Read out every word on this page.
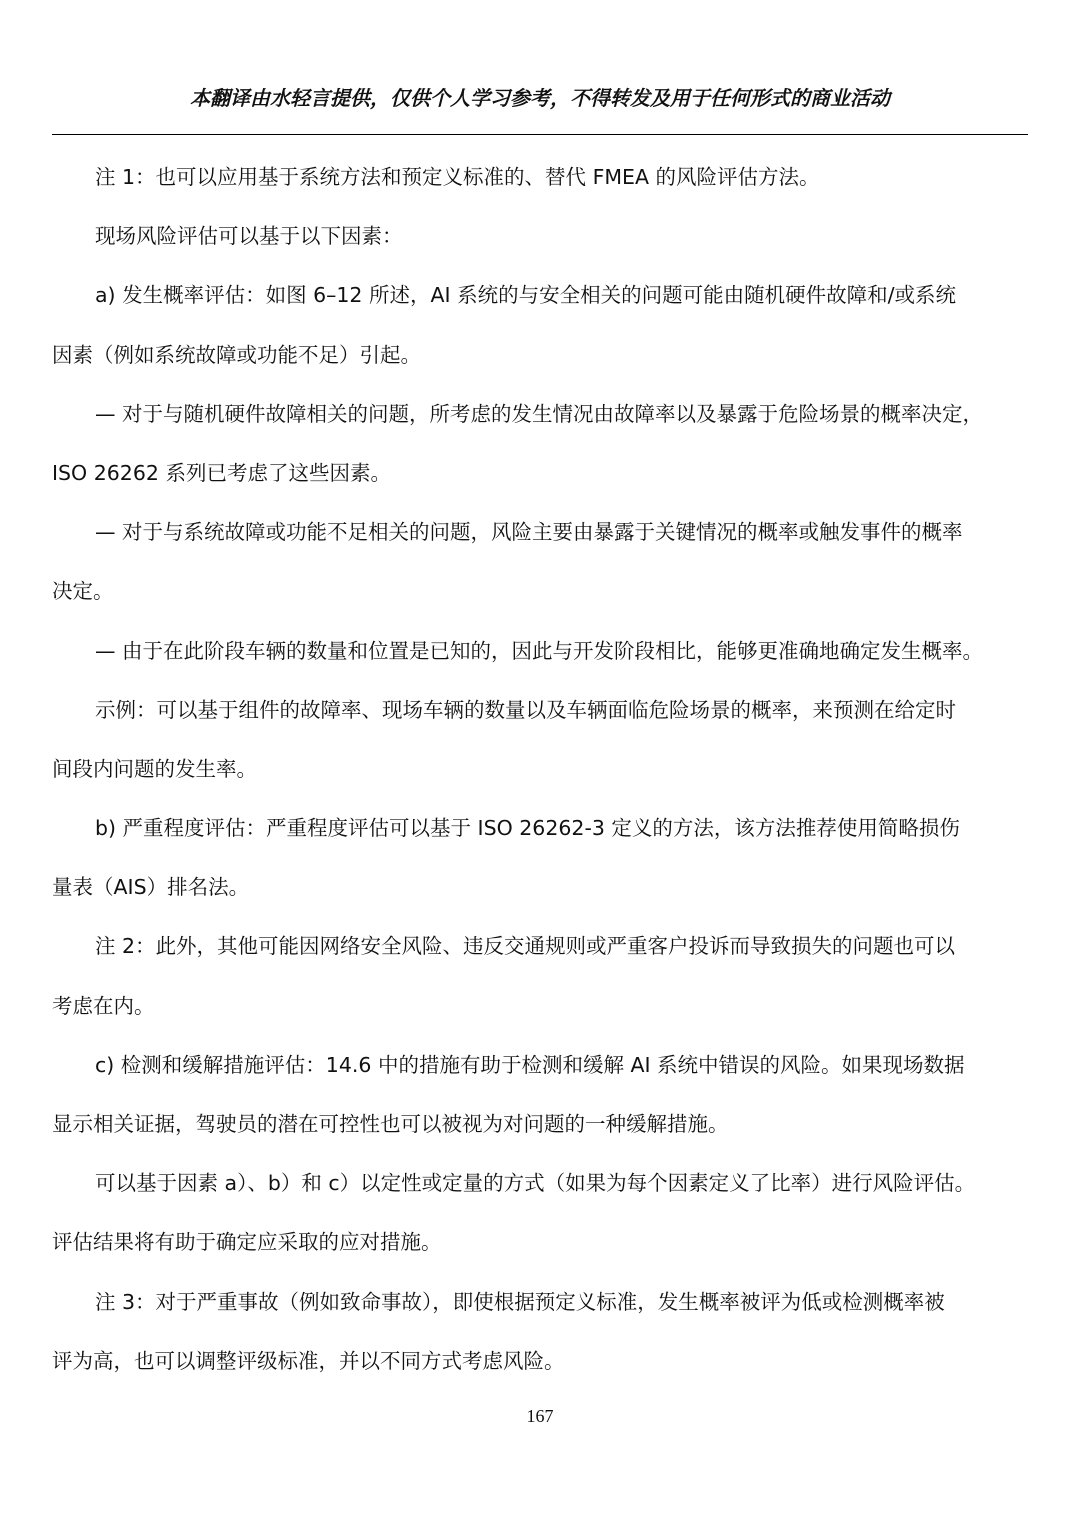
本翻译由水轻言提供，仅供个人学习参考，不得转发及用于任何形式的商业活动
注 1：也可以应用基于系统方法和预定义标准的、替代 FMEA 的风险评估方法。
现场风险评估可以基于以下因素：
a) 发生概率评估：如图 6–12 所述，AI 系统的与安全相关的问题可能由随机硬件故障和/或系统
因素（例如系统故障或功能不足）引起。
— 对于与随机硬件故障相关的问题，所考虑的发生情况由故障率以及暴露于危险场景的概率决定，
ISO 26262 系列已考虑了这些因素。
— 对于与系统故障或功能不足相关的问题，风险主要由暴露于关键情况的概率或触发事件的概率
决定。
— 由于在此阶段车辆的数量和位置是已知的，因此与开发阶段相比，能够更准确地确定发生概率。
示例：可以基于组件的故障率、现场车辆的数量以及车辆面临危险场景的概率，来预测在给定时
间段内问题的发生率。
b) 严重程度评估：严重程度评估可以基于 ISO 26262-3 定义的方法，该方法推荐使用简略损伤
量表（AIS）排名法。
注 2：此外，其他可能因网络安全风险、违反交通规则或严重客户投诉而导致损失的问题也可以
考虑在内。
c) 检测和缓解措施评估：14.6 中的措施有助于检测和缓解 AI 系统中错误的风险。如果现场数据
显示相关证据，驾驶员的潜在可控性也可以被视为对问题的一种缓解措施。
可以基于因素 a）、b）和 c）以定性或定量的方式（如果为每个因素定义了比率）进行风险评估。
评估结果将有助于确定应采取的应对措施。
注 3：对于严重事故（例如致命事故），即使根据预定义标准，发生概率被评为低或检测概率被
评为高，也可以调整评级标准，并以不同方式考虑风险。
167
